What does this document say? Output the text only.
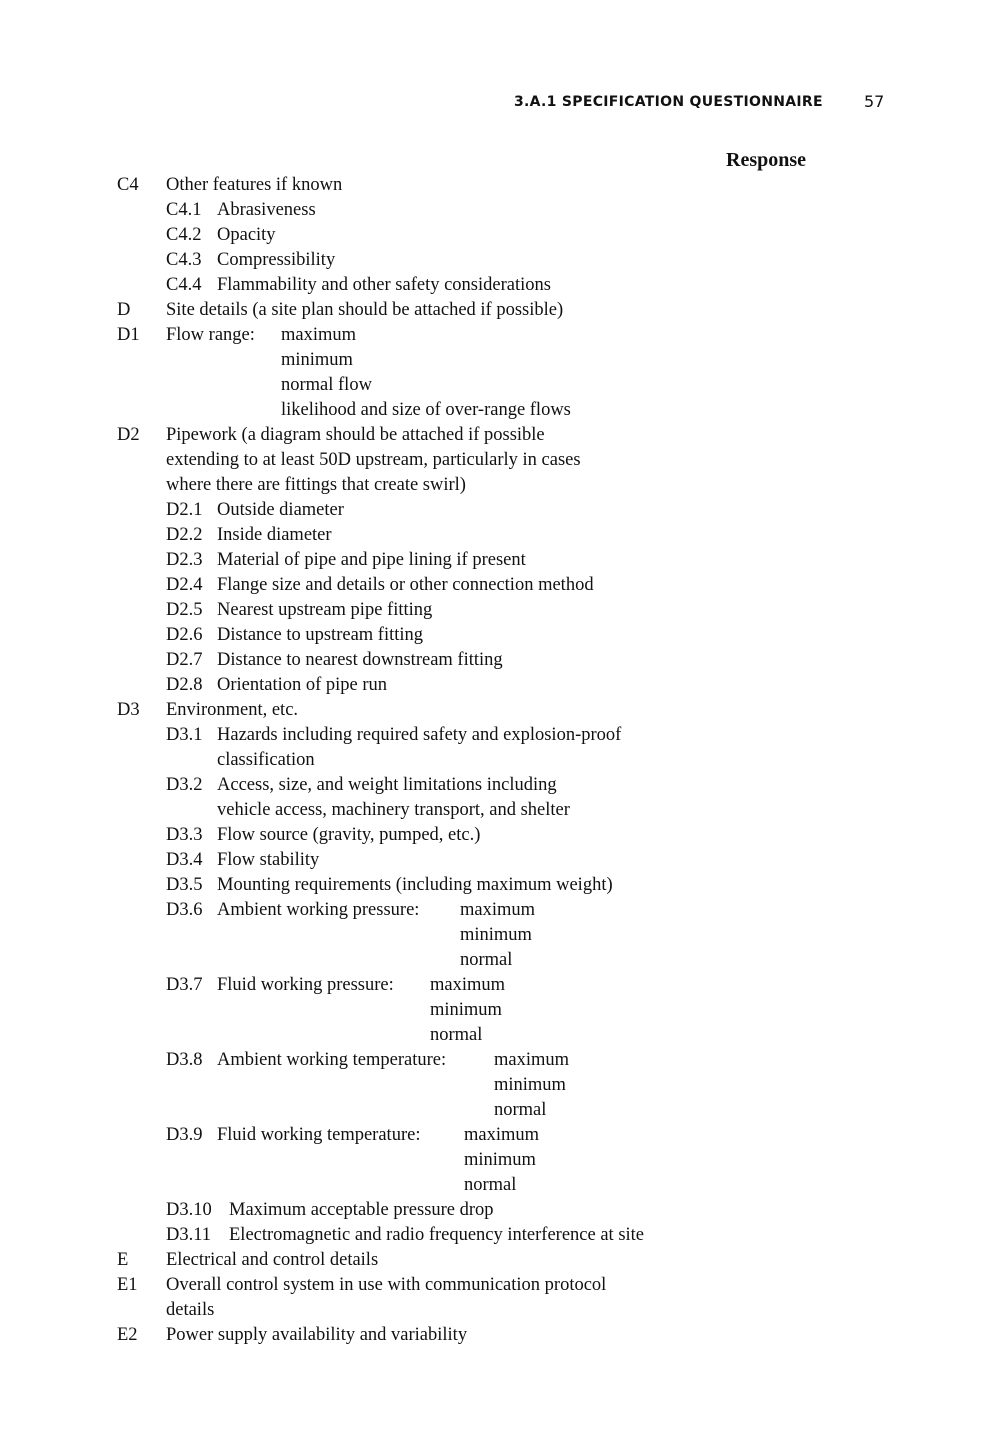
3.A.1 SPECIFICATION QUESTIONNAIRE	57
Response
C4 Other features if known
C4.1 Abrasiveness
C4.2 Opacity
C4.3 Compressibility
C4.4 Flammability and other safety considerations
D Site details (a site plan should be attached if possible)
D1 Flow range: maximum
minimum
normal flow
likelihood and size of over-range flows
D2 Pipework (a diagram should be attached if possible
extending to at least 50D upstream, particularly in cases
where there are fittings that create swirl)
D2.1 Outside diameter
D2.2 Inside diameter
D2.3 Material of pipe and pipe lining if present
D2.4 Flange size and details or other connection method
D2.5 Nearest upstream pipe fitting
D2.6 Distance to upstream fitting
D2.7 Distance to nearest downstream fitting
D2.8 Orientation of pipe run
D3 Environment, etc.
D3.1 Hazards including required safety and explosion-proof
classification
D3.2 Access, size, and weight limitations including
vehicle access, machinery transport, and shelter
D3.3 Flow source (gravity, pumped, etc.)
D3.4 Flow stability
D3.5 Mounting requirements (including maximum weight)
D3.6 Ambient working pressure: maximum
minimum
normal
D3.7 Fluid working pressure: maximum
minimum
normal
D3.8 Ambient working temperature:	maximum
minimum
normal
D3.9 Fluid working temperature: maximum
minimum
normal
D3.10 Maximum acceptable pressure drop
D3.11 Electromagnetic and radio frequency interference at site
E Electrical and control details
E1 Overall control system in use with communication protocol
details
E2 Power supply availability and variability
